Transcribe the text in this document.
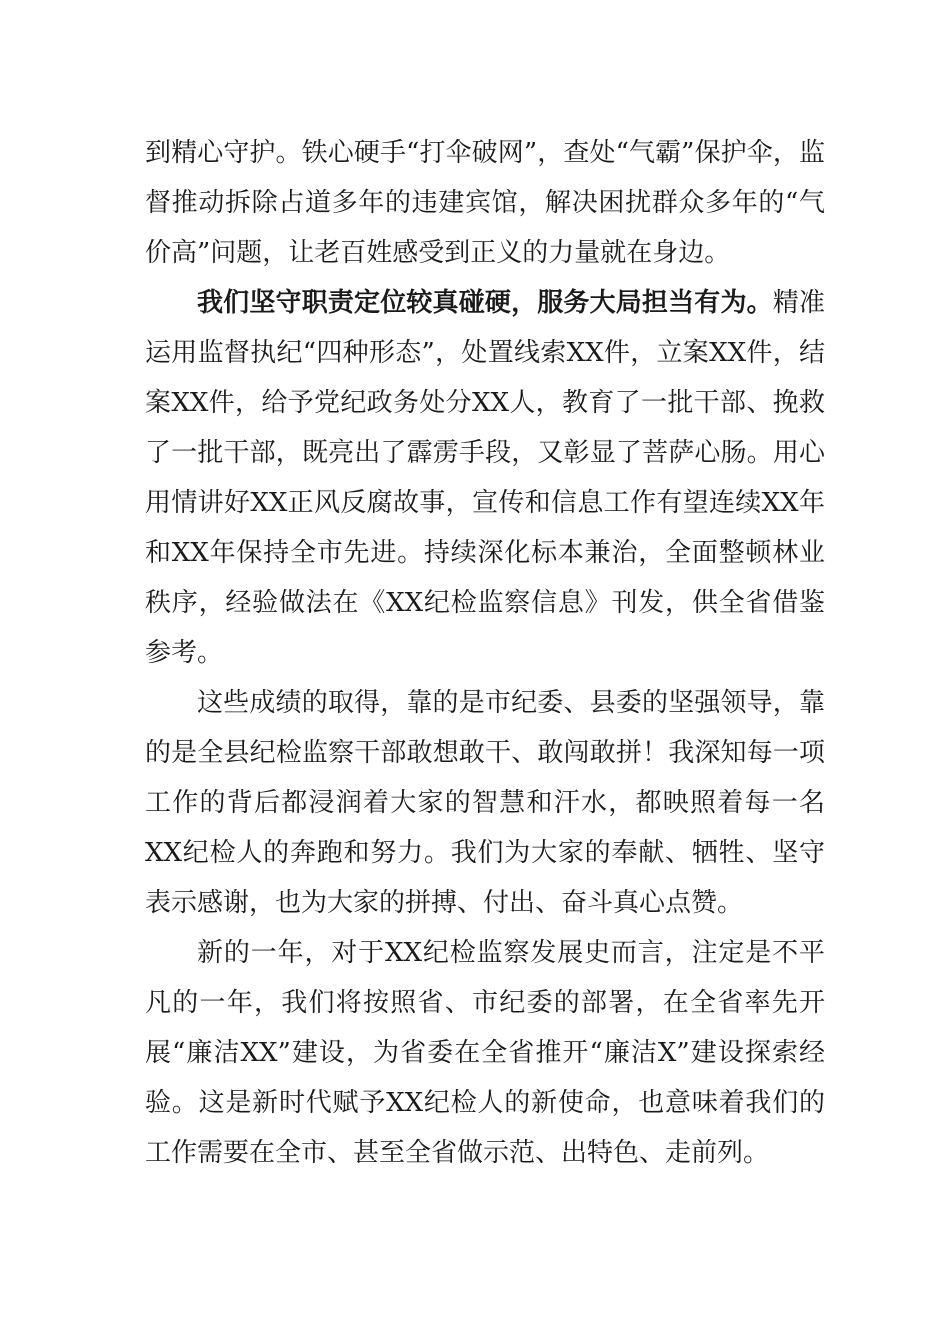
到精心守护。铁心硬手“打伞破网”，查处“气霸”保护伞，监督推动拆除占道多年的违建宾馆，解决困扰群众多年的“气价高”问题，让老百姓感受到正义的力量就在身边。

我们坚守职责定位较真碰硬，服务大局担当有为。精准运用监督执纪“四种形态”，处置线索XX件，立案XX件，结案XX件，给予党纪政务处分XX人，教育了一批干部、挽救了一批干部，既亮出了霹雳手段，又彰显了菩萨心肠。用心用情讲好XX正风反腐故事，宣传和信息工作有望连续XX年和XX年保持全市先进。持续深化标本兼治，全面整顿林业秩序，经验做法在《XX纪检监察信息》刊发，供全省借鉴参考。

这些成绩的取得，靠的是市纪委、县委的坚强领导，靠的是全县纪检监察干部敢想敢干、敢闯敢拼！我深知每一项工作的背后都浸润着大家的智慧和汗水，都映照着每一名XX纪检人的奔跑和努力。我们为大家的奉献、牺牲、坚守表示感谢，也为大家的拼搏、付出、奋斗真心点赞。

新的一年，对于XX纪检监察发展史而言，注定是不平凡的一年，我们将按照省、市纪委的部署，在全省率先开展“廉洁XX”建设，为省委在全省推开“廉洁X”建设探索经验。这是新时代赋予XX纪检人的新使命，也意味着我们的工作需要在全市、甚至全省做示范、出特色、走前列。
